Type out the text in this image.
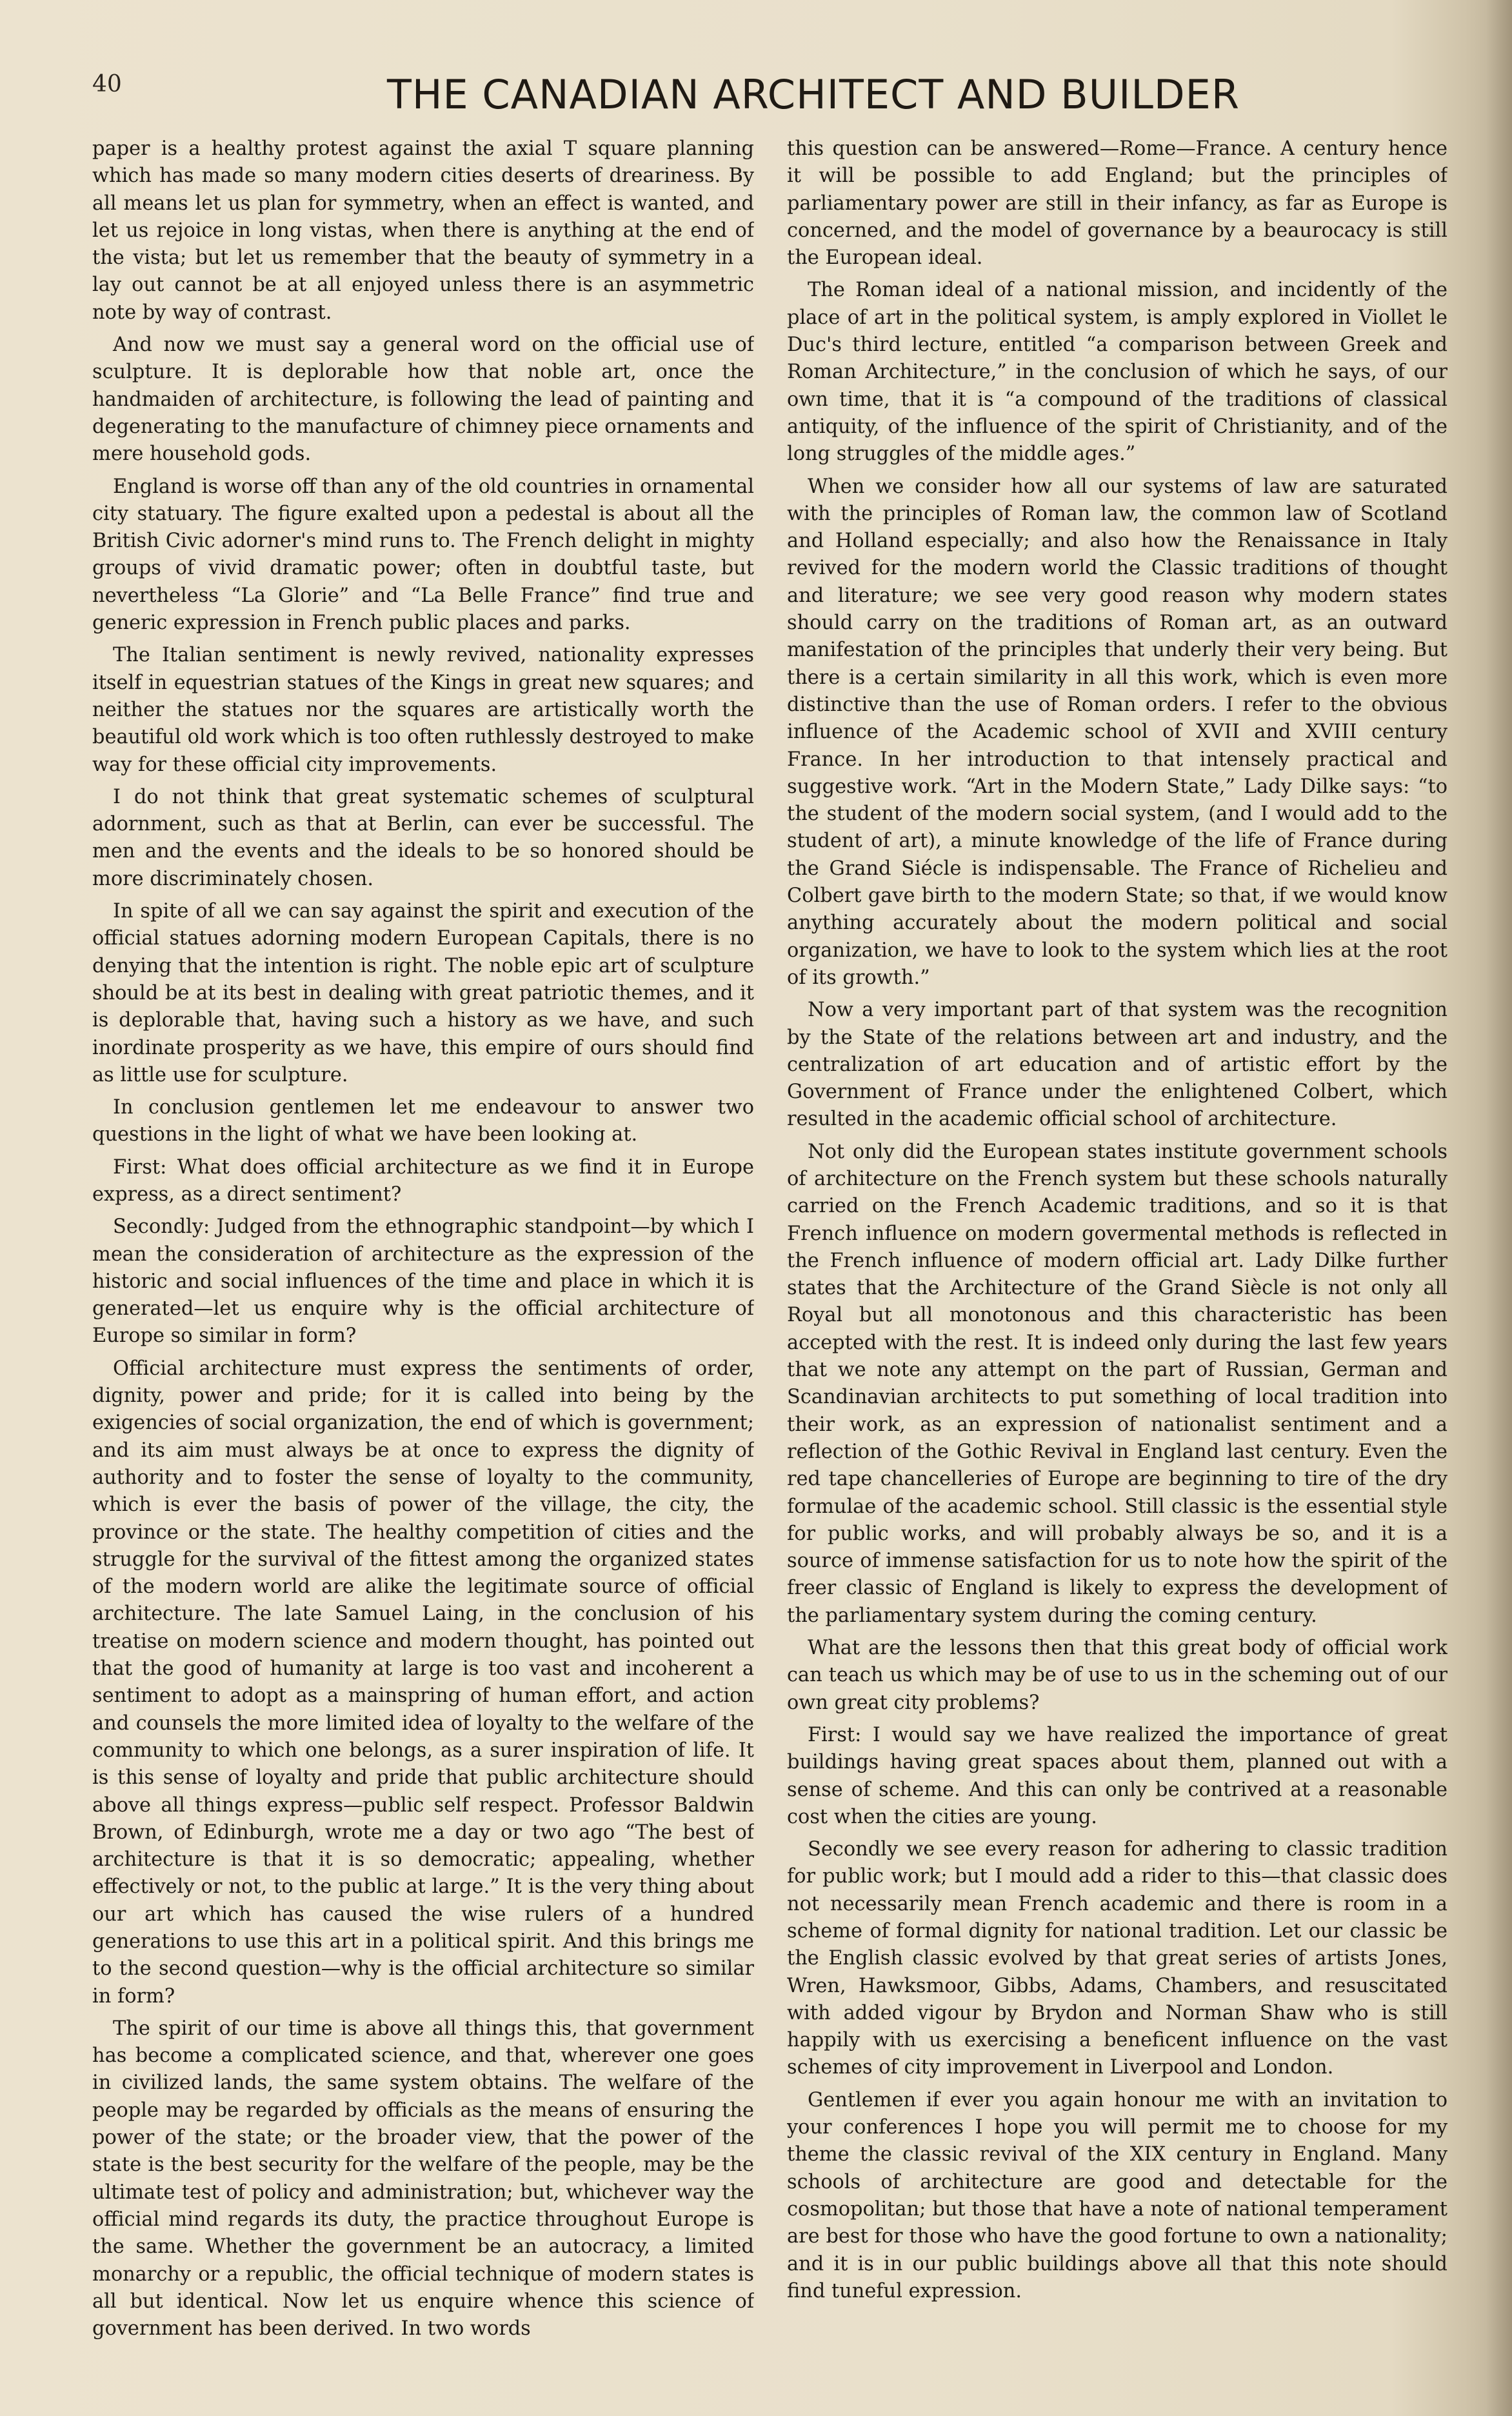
40	THE CANADIAN ARCHITECT AND BUILDER

paper is a healthy protest against the axial T square planning which has made so many modern cities deserts of dreariness. By all means let us plan for symmetry, when an effect is wanted, and let us rejoice in long vistas, when there is anything at the end of the vista; but let us remember that the beauty of symmetry in a lay out cannot be at all enjoyed unless there is an asymmetric note by way of contrast.

And now we must say a general word on the official use of sculpture. It is deplorable how that noble art, once the handmaiden of architecture, is following the lead of painting and degenerating to the manufacture of chimney piece ornaments and mere household gods.

England is worse off than any of the old countries in ornamental city statuary. The figure exalted upon a pedestal is about all the British Civic adorner's mind runs to. The French delight in mighty groups of vivid dramatic power; often in doubtful taste, but nevertheless “La Glorie” and “La Belle France” find true and generic expression in French public places and parks.

The Italian sentiment is newly revived, nationality expresses itself in equestrian statues of the Kings in great new squares; and neither the statues nor the squares are artistically worth the beautiful old work which is too often ruthlessly destroyed to make way for these official city improvements.

I do not think that great systematic schemes of sculptural adornment, such as that at Berlin, can ever be successful. The men and the events and the ideals to be so honored should be more discriminately chosen.

In spite of all we can say against the spirit and execution of the official statues adorning modern European Capitals, there is no denying that the intention is right. The noble epic art of sculpture should be at its best in dealing with great patriotic themes, and it is deplorable that, having such a history as we have, and such inordinate prosperity as we have, this empire of ours should find as little use for sculpture.

In conclusion gentlemen let me endeavour to answer two questions in the light of what we have been looking at.

First: What does official architecture as we find it in Europe express, as a direct sentiment?

Secondly: Judged from the ethnographic standpoint—by which I mean the consideration of architecture as the expression of the historic and social influences of the time and place in which it is generated—let us enquire why is the official architecture of Europe so similar in form?

Official architecture must express the sentiments of order, dignity, power and pride; for it is called into being by the exigencies of social organization, the end of which is government; and its aim must always be at once to express the dignity of authority and to foster the sense of loyalty to the community, which is ever the basis of power of the village, the city, the province or the state. The healthy competition of cities and the struggle for the survival of the fittest among the organized states of the modern world are alike the legitimate source of official architecture. The late Samuel Laing, in the conclusion of his treatise on modern science and modern thought, has pointed out that the good of humanity at large is too vast and incoherent a sentiment to adopt as a mainspring of human effort, and action and counsels the more limited idea of loyalty to the welfare of the community to which one belongs, as a surer inspiration of life. It is this sense of loyalty and pride that public architecture should above all things express—public self respect. Professor Baldwin Brown, of Edinburgh, wrote me a day or two ago “The best of architecture is that it is so democratic; appealing, whether effectively or not, to the public at large.” It is the very thing about our art which has caused the wise rulers of a hundred generations to use this art in a political spirit. And this brings me to the second question—why is the official architecture so similar in form?

The spirit of our time is above all things this, that government has become a complicated science, and that, wherever one goes in civilized lands, the same system obtains. The welfare of the people may be regarded by officials as the means of ensuring the power of the state; or the broader view, that the power of the state is the best security for the welfare of the people, may be the ultimate test of policy and administration; but, whichever way the official mind regards its duty, the practice throughout Europe is the same. Whether the government be an autocracy, a limited monarchy or a republic, the official technique of modern states is all but identical. Now let us enquire whence this science of government has been derived. In two words

this question can be answered—Rome—France. A century hence it will be possible to add England; but the principles of parliamentary power are still in their infancy, as far as Europe is concerned, and the model of governance by a beaurocacy is still the European ideal.

The Roman ideal of a national mission, and incidently of the place of art in the political system, is amply explored in Viollet le Duc's third lecture, entitled “a comparison between Greek and Roman Architecture,” in the conclusion of which he says, of our own time, that it is “a compound of the traditions of classical antiquity, of the influence of the spirit of Christianity, and of the long struggles of the middle ages.”

When we consider how all our systems of law are saturated with the principles of Roman law, the common law of Scotland and Holland especially; and also how the Renaissance in Italy revived for the modern world the Classic traditions of thought and literature; we see very good reason why modern states should carry on the traditions of Roman art, as an outward manifestation of the principles that underly their very being. But there is a certain similarity in all this work, which is even more distinctive than the use of Roman orders. I refer to the obvious influence of the Academic school of XVII and XVIII century France. In her introduction to that intensely practical and suggestive work. “Art in the Modern State,” Lady Dilke says: “to the student of the modern social system, (and I would add to the student of art), a minute knowledge of the life of France during the Grand Siécle is indispensable. The France of Richelieu and Colbert gave birth to the modern State; so that, if we would know anything accurately about the modern political and social organization, we have to look to the system which lies at the root of its growth.”

Now a very important part of that system was the recognition by the State of the relations between art and industry, and the centralization of art education and of artistic effort by the Government of France under the enlightened Colbert, which resulted in the academic official school of architecture.

Not only did the European states institute government schools of architecture on the French system but these schools naturally carried on the French Academic traditions, and so it is that French influence on modern govermental methods is reflected in the French influence of modern official art. Lady Dilke further states that the Architecture of the Grand Siècle is not only all Royal but all monotonous and this characteristic has been accepted with the rest. It is indeed only during the last few years that we note any attempt on the part of Russian, German and Scandinavian architects to put something of local tradition into their work, as an expression of nationalist sentiment and a reflection of the Gothic Revival in England last century. Even the red tape chancelleries of Europe are beginning to tire of the dry formulae of the academic school. Still classic is the essential style for public works, and will probably always be so, and it is a source of immense satisfaction for us to note how the spirit of the freer classic of England is likely to express the development of the parliamentary system during the coming century.

What are the lessons then that this great body of official work can teach us which may be of use to us in the scheming out of our own great city problems?

First: I would say we have realized the importance of great buildings having great spaces about them, planned out with a sense of scheme. And this can only be contrived at a reasonable cost when the cities are young.

Secondly we see every reason for adhering to classic tradition for public work; but I mould add a rider to this—that classic does not necessarily mean French academic and there is room in a scheme of formal dignity for national tradition. Let our classic be the English classic evolved by that great series of artists Jones, Wren, Hawksmoor, Gibbs, Adams, Chambers, and resuscitated with added vigour by Brydon and Norman Shaw who is still happily with us exercising a beneficent influence on the vast schemes of city improvement in Liverpool and London.

Gentlemen if ever you again honour me with an invitation to your conferences I hope you will permit me to choose for my theme the classic revival of the XIX century in England. Many schools of architecture are good and detectable for the cosmopolitan; but those that have a note of national temperament are best for those who have the good fortune to own a nationality; and it is in our public buildings above all that this note should find tuneful expression.
